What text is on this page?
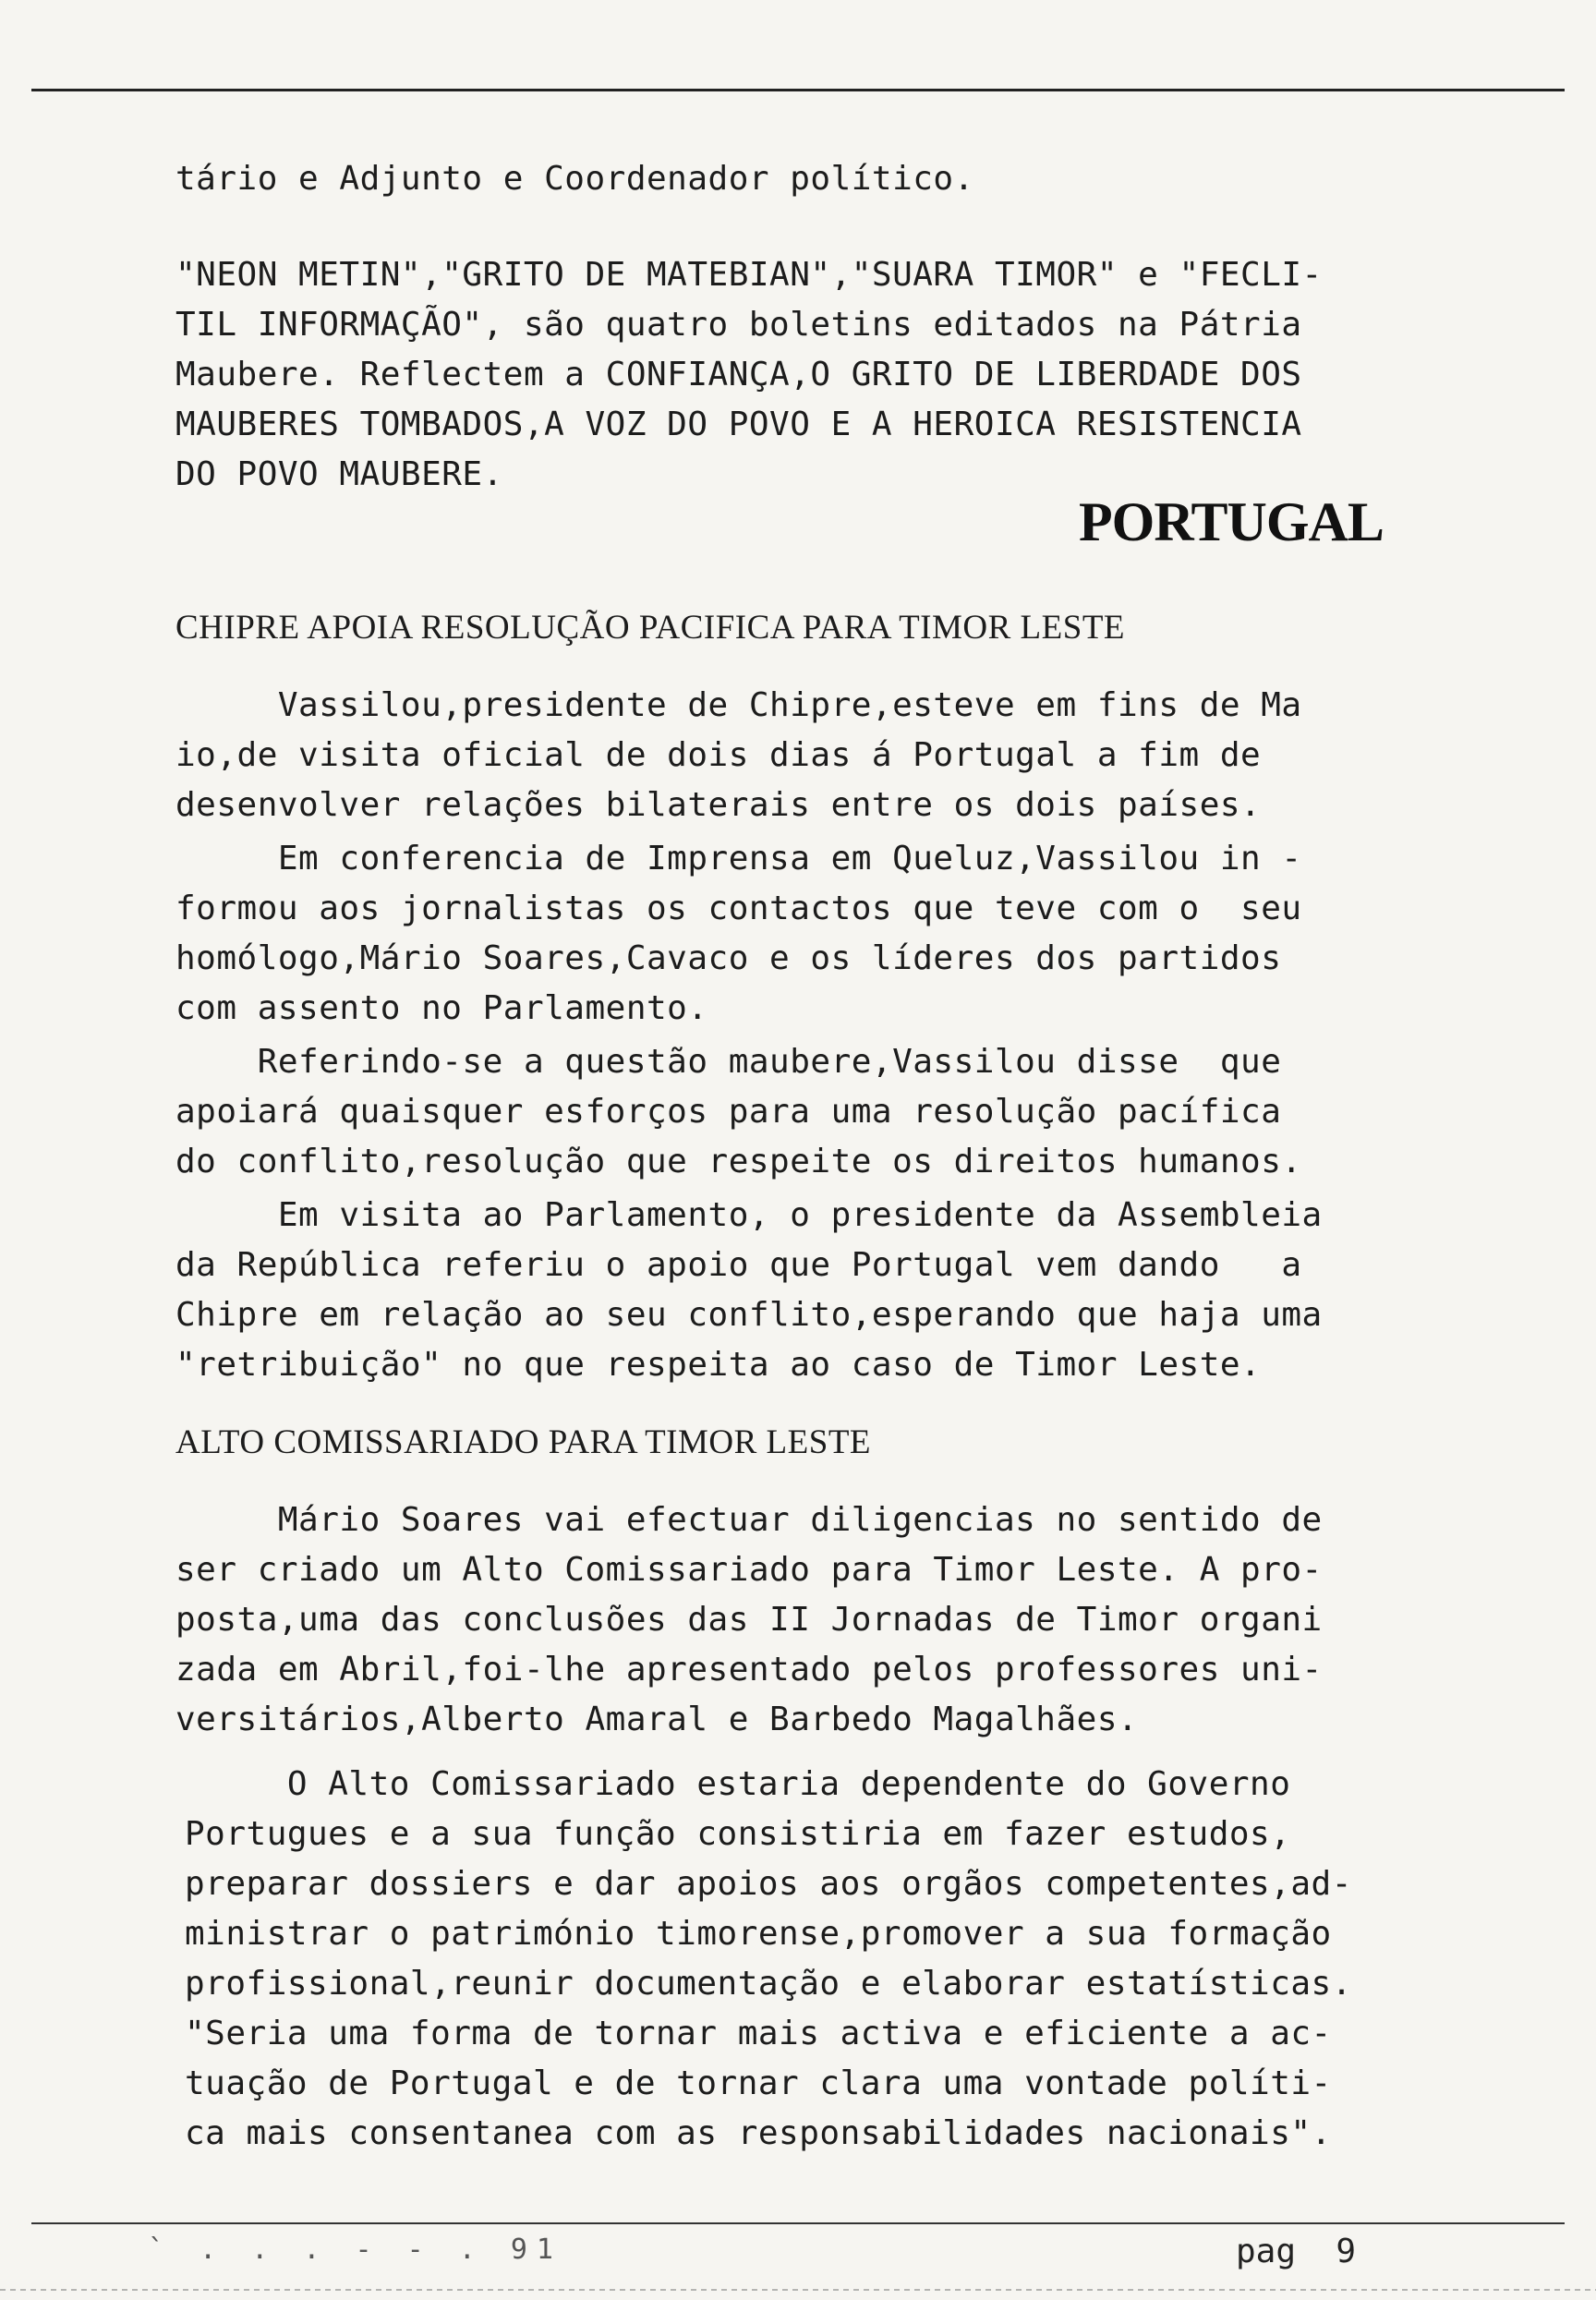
tário e Adjunto e Coordenador político.
"NEON METIN","GRITO DE MATEBIAN","SUARA TIMOR" e "FECLI-
TIL INFORMAÇÃO", são quatro boletins editados na Pátria
Maubere. Reflectem a CONFIANÇA,O GRITO DE LIBERDADE DOS
MAUBERES TOMBADOS,A VOZ DO POVO E A HEROICA RESISTENCIA
DO POVO MAUBERE.
PORTUGAL
CHIPRE APOIA RESOLUÇÃO PACIFICA PARA TIMOR LESTE
Vassilou,presidente de Chipre,esteve em fins de Ma
io,de visita oficial de dois dias á Portugal a fim de
desenvolver relações bilaterais entre os dois países.
Em conferencia de Imprensa em Queluz,Vassilou in -
formou aos jornalistas os contactos que teve com o  seu
homólogo,Mário Soares,Cavaco e os líderes dos partidos
com assento no Parlamento.
Referindo-se a questão maubere,Vassilou disse  que
apoiará quaisquer esforços para uma resolução pacífica
do conflito,resolução que respeite os direitos humanos.
Em visita ao Parlamento, o presidente da Assembleia
da República referiu o apoio que Portugal vem dando   a
Chipre em relação ao seu conflito,esperando que haja uma
"retribuição" no que respeita ao caso de Timor Leste.
ALTO COMISSARIADO PARA TIMOR LESTE
Mário Soares vai efectuar diligencias no sentido de
ser criado um Alto Comissariado para Timor Leste. A pro-
posta,uma das conclusões das II Jornadas de Timor organi
zada em Abril,foi-lhe apresentado pelos professores uni-
versitários,Alberto Amaral e Barbedo Magalhães.
O Alto Comissariado estaria dependente do Governo
Portugues e a sua função consistiria em fazer estudos,
preparar dossiers e dar apoios aos orgãos competentes,ad-
ministrar o património timorense,promover a sua formação
profissional,reunir documentação e elaborar estatísticas.
"Seria uma forma de tornar mais activa e eficiente a ac-
tuação de Portugal e de tornar clara uma vontade políti-
ca mais consentanea com as responsabilidades nacionais".
` . . . - - . 91	pag  9
